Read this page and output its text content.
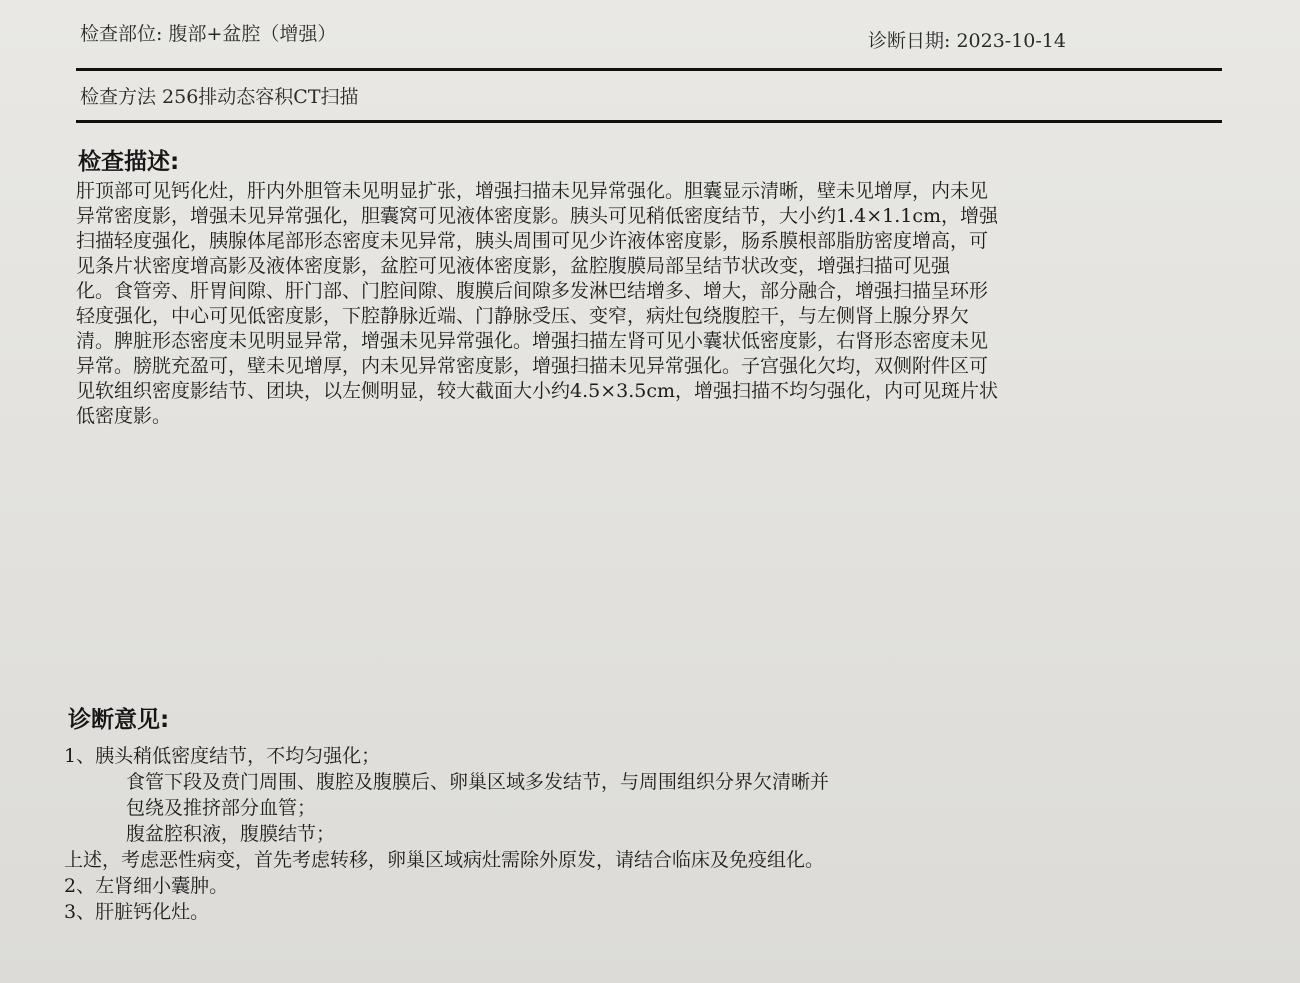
检查部位: 腹部+盆腔（增强）	诊断日期: 2023-10-14
检查方法 256排动态容积CT扫描
检查描述:
肝顶部可见钙化灶，肝内外胆管未见明显扩张，增强扫描未见异常强化。胆囊显示清晰，壁未见增厚，内未见
异常密度影，增强未见异常强化，胆囊窝可见液体密度影。胰头可见稍低密度结节，大小约1.4×1.1cm，增强
扫描轻度强化，胰腺体尾部形态密度未见异常，胰头周围可见少许液体密度影，肠系膜根部脂肪密度增高，可
见条片状密度增高影及液体密度影，盆腔可见液体密度影，盆腔腹膜局部呈结节状改变，增强扫描可见强
化。食管旁、肝胃间隙、肝门部、门腔间隙、腹膜后间隙多发淋巴结增多、增大，部分融合，增强扫描呈环形
轻度强化，中心可见低密度影，下腔静脉近端、门静脉受压、变窄，病灶包绕腹腔干，与左侧肾上腺分界欠
清。脾脏形态密度未见明显异常，增强未见异常强化。增强扫描左肾可见小囊状低密度影，右肾形态密度未见
异常。膀胱充盈可，壁未见增厚，内未见异常密度影，增强扫描未见异常强化。子宫强化欠均，双侧附件区可
见软组织密度影结节、团块，以左侧明显，较大截面大小约4.5×3.5cm，增强扫描不均匀强化，内可见斑片状
低密度影。
诊断意见:
1、胰头稍低密度结节，不均匀强化；
食管下段及贲门周围、腹腔及腹膜后、卵巢区域多发结节，与周围组织分界欠清晰并
包绕及推挤部分血管；
腹盆腔积液，腹膜结节；
上述，考虑恶性病变，首先考虑转移，卵巢区域病灶需除外原发，请结合临床及免疫组化。
2、左肾细小囊肿。
3、肝脏钙化灶。
